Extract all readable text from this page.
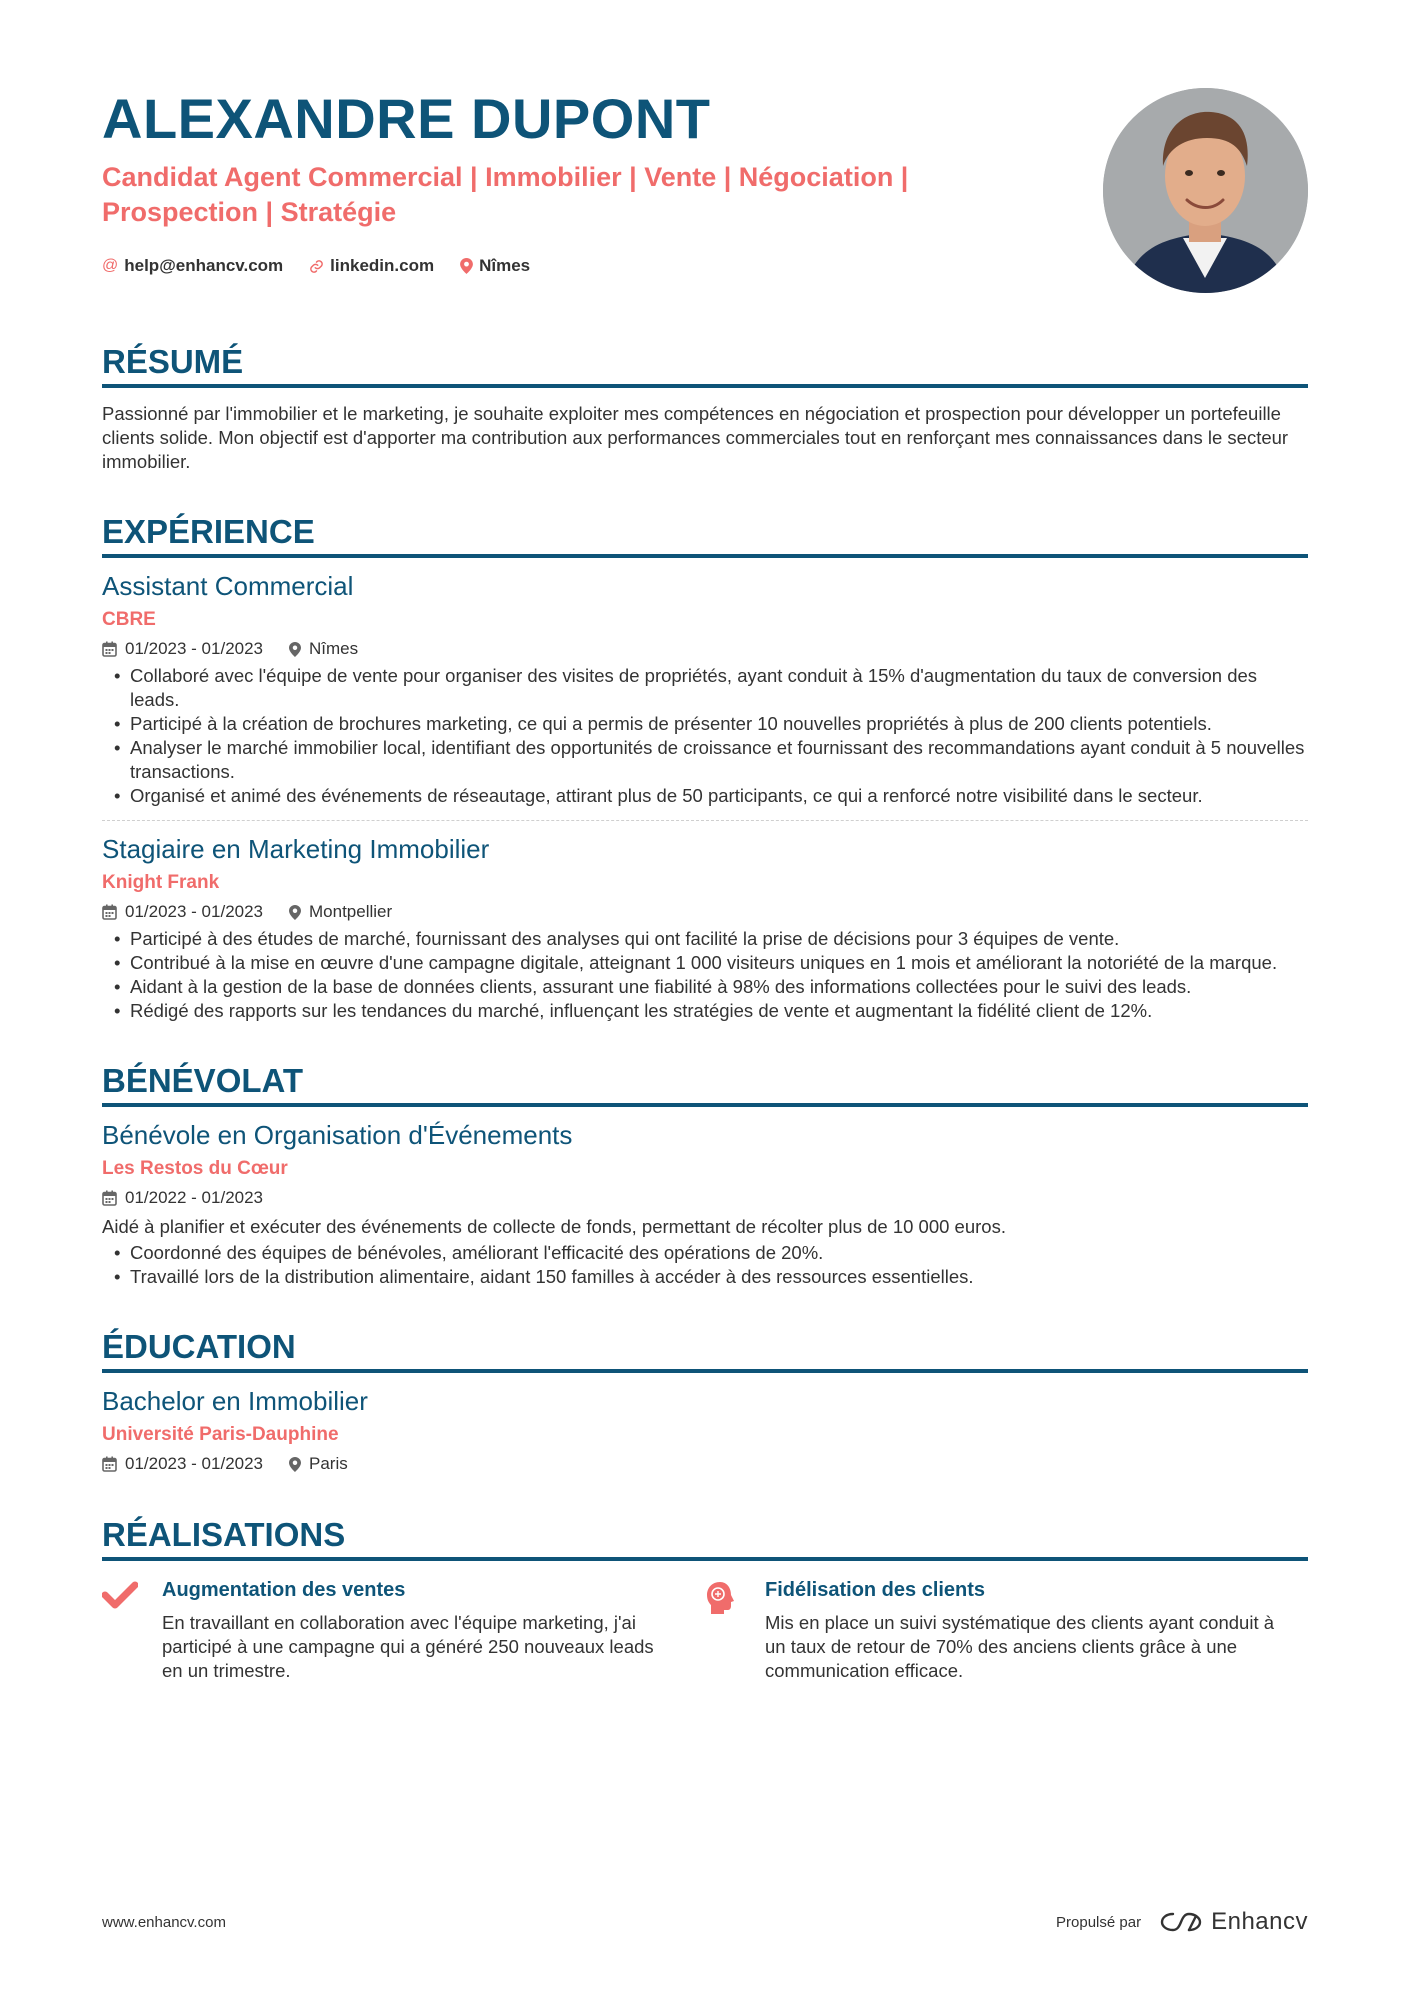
ALEXANDRE DUPONT
Candidat Agent Commercial | Immobilier | Vente | Négociation | Prospection | Stratégie
@ help@enhancv.com	linkedin.com	Nîmes
RÉSUMÉ
Passionné par l'immobilier et le marketing, je souhaite exploiter mes compétences en négociation et prospection pour développer un portefeuille clients solide. Mon objectif est d'apporter ma contribution aux performances commerciales tout en renforçant mes connaissances dans le secteur immobilier.
EXPÉRIENCE
Assistant Commercial
CBRE
01/2023 - 01/2023	Nîmes
• Collaboré avec l'équipe de vente pour organiser des visites de propriétés, ayant conduit à 15% d'augmentation du taux de conversion des leads.
• Participé à la création de brochures marketing, ce qui a permis de présenter 10 nouvelles propriétés à plus de 200 clients potentiels.
• Analyser le marché immobilier local, identifiant des opportunités de croissance et fournissant des recommandations ayant conduit à 5 nouvelles transactions.
• Organisé et animé des événements de réseautage, attirant plus de 50 participants, ce qui a renforcé notre visibilité dans le secteur.
Stagiaire en Marketing Immobilier
Knight Frank
01/2023 - 01/2023	Montpellier
• Participé à des études de marché, fournissant des analyses qui ont facilité la prise de décisions pour 3 équipes de vente.
• Contribué à la mise en œuvre d'une campagne digitale, atteignant 1 000 visiteurs uniques en 1 mois et améliorant la notoriété de la marque.
• Aidant à la gestion de la base de données clients, assurant une fiabilité à 98% des informations collectées pour le suivi des leads.
• Rédigé des rapports sur les tendances du marché, influençant les stratégies de vente et augmentant la fidélité client de 12%.
BÉNÉVOLAT
Bénévole en Organisation d'Événements
Les Restos du Cœur
01/2022 - 01/2023
Aidé à planifier et exécuter des événements de collecte de fonds, permettant de récolter plus de 10 000 euros.
• Coordonné des équipes de bénévoles, améliorant l'efficacité des opérations de 20%.
• Travaillé lors de la distribution alimentaire, aidant 150 familles à accéder à des ressources essentielles.
ÉDUCATION
Bachelor en Immobilier
Université Paris-Dauphine
01/2023 - 01/2023	Paris
RÉALISATIONS
Augmentation des ventes
En travaillant en collaboration avec l'équipe marketing, j'ai participé à une campagne qui a généré 250 nouveaux leads en un trimestre.
Fidélisation des clients
Mis en place un suivi systématique des clients ayant conduit à un taux de retour de 70% des anciens clients grâce à une communication efficace.
www.enhancv.com	Propulsé par	Enhancv
